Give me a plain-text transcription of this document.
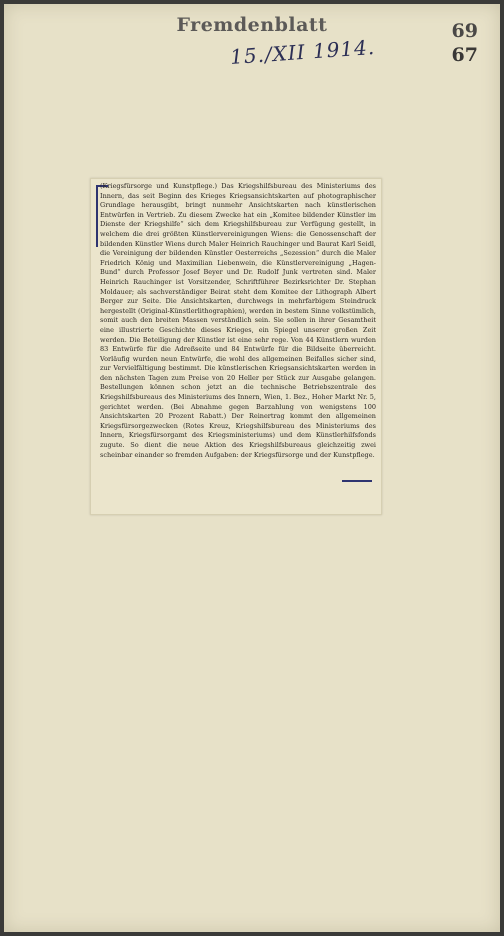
Fremdenblatt	69
67
15./XII 1914.

(Kriegsfürsorge und Kunstpflege.) Das Kriegshilfsbureau des Ministeriums des Innern, das seit Beginn des Krieges Kriegsansichtskarten auf photographischer Grundlage herausgibt, bringt nunmehr Ansichtskarten nach künstlerischen Entwürfen in Vertrieb. Zu diesem Zwecke hat ein „Komitee bildender Künstler im Dienste der Kriegshilfe“ sich dem Kriegshilfsbureau zur Verfügung gestellt, in welchem die drei größten Künstlervereinigungen Wiens: die Genossenschaft der bildenden Künstler Wiens durch Maler Heinrich Rauchinger und Baurat Karl Seidl, die Vereinigung der bildenden Künstler Oesterreichs „Sezession“ durch die Maler Friedrich König und Maximilian Liebenwein, die Künstlervereinigung „Hagen-Bund“ durch Professor Josef Beyer und Dr. Rudolf Junk vertreten sind. Maler Heinrich Rauchinger ist Vorsitzender, Schriftführer Bezirksrichter Dr. Stephan Moldauer; als sachverständiger Beirat steht dem Komitee der Lithograph Albert Berger zur Seite. Die Ansichtskarten, durchwegs in mehrfarbigem Steindruck hergestellt (Original-Künstlerlithographien), werden in bestem Sinne volkstümlich, somit auch den breiten Massen verständlich sein. Sie sollen in ihrer Gesamtheit eine illustrierte Geschichte dieses Krieges, ein Spiegel unserer großen Zeit werden. Die Beteiligung der Künstler ist eine sehr rege. Von 44 Künstlern wurden 83 Entwürfe für die Adreßseite und 84 Entwürfe für die Bildseite überreicht. Vorläufig wurden neun Entwürfe, die wohl des allgemeinen Beifalles sicher sind, zur Vervielfältigung bestimmt. Die künstlerischen Kriegsansichtskarten werden in den nächsten Tagen zum Preise von 20 Heller per Stück zur Ausgabe gelangen. Bestellungen können schon jetzt an die technische Betriebszentrale des Kriegshilfsbureaus des Ministeriums des Innern, Wien, 1. Bez., Hoher Markt Nr. 5, gerichtet werden. (Bei Abnahme gegen Barzahlung von wenigstens 100 Ansichtskarten 20 Prozent Rabatt.) Der Reinertrag kommt den allgemeinen Kriegsfürsorgezwecken (Rotes Kreuz, Kriegshilfsbureau des Ministeriums des Innern, Kriegsfürsorgamt des Kriegsministeriums) und dem Künstlerhilfsfonds zugute. So dient die neue Aktion des Kriegshilfsbureaus gleichzeitig zwei scheinbar einander so fremden Aufgaben: der Kriegsfürsorge und der Kunstpflege.
